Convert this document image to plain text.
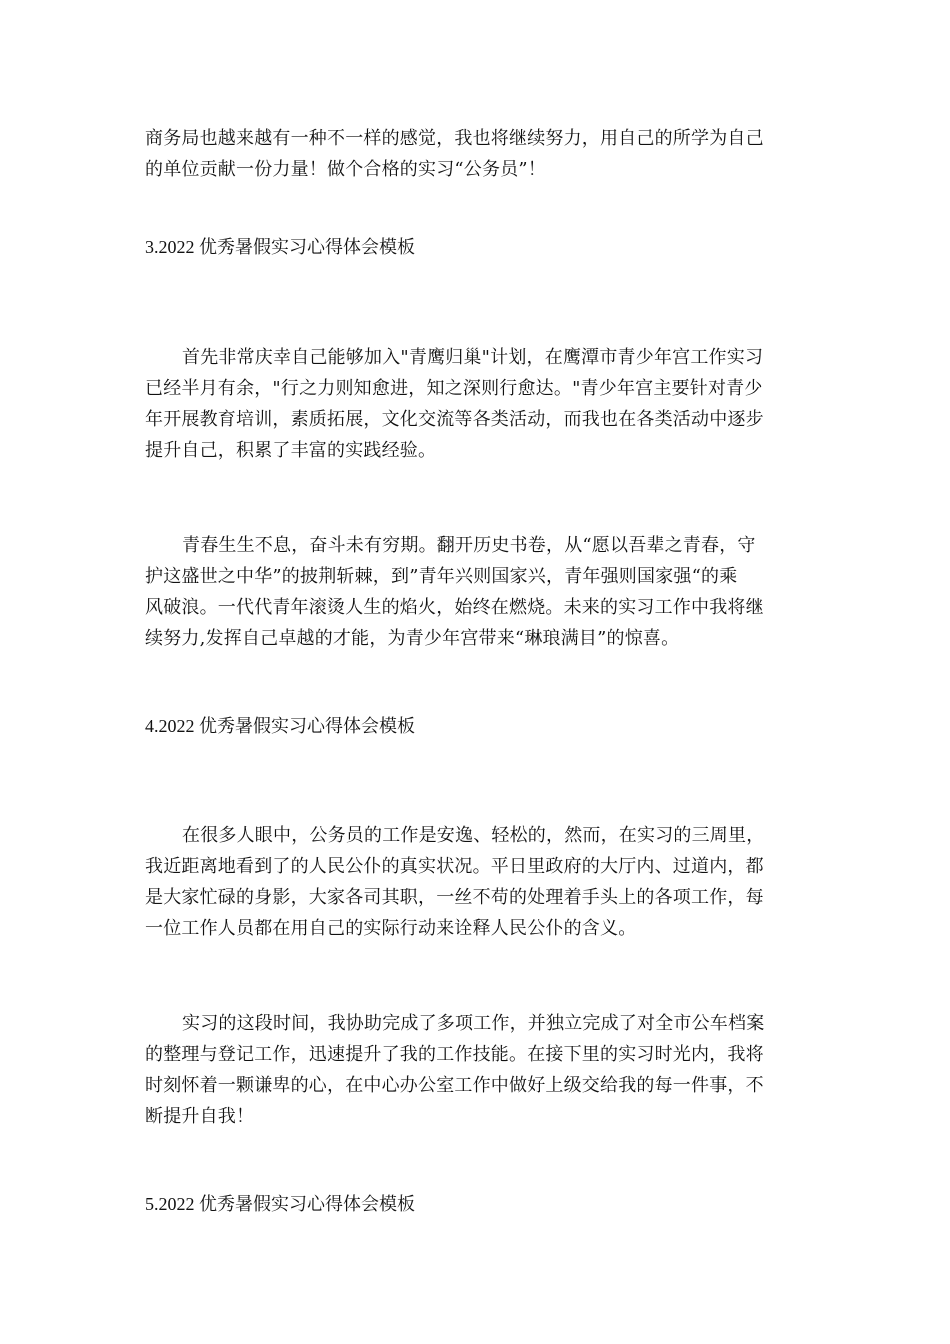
商务局也越来越有一种不一样的感觉，我也将继续努力，用自己的所学为自己
的单位贡献一份力量！做个合格的实习“公务员”！

3.2022 优秀暑假实习心得体会模板

首先非常庆幸自己能够加入"青鹰归巢"计划，在鹰潭市青少年宫工作实习
已经半月有余，"行之力则知愈进，知之深则行愈达。"青少年宫主要针对青少
年开展教育培训，素质拓展，文化交流等各类活动，而我也在各类活动中逐步
提升自己，积累了丰富的实践经验。

青春生生不息，奋斗未有穷期。翻开历史书卷，从“愿以吾辈之青春，守
护这盛世之中华”的披荆斩棘，到”青年兴则国家兴，青年强则国家强“的乘
风破浪。一代代青年滚烫人生的焰火，始终在燃烧。未来的实习工作中我将继
续努力,发挥自己卓越的才能，为青少年宫带来“琳琅满目”的惊喜。

4.2022 优秀暑假实习心得体会模板

在很多人眼中，公务员的工作是安逸、轻松的，然而，在实习的三周里，
我近距离地看到了的人民公仆的真实状况。平日里政府的大厅内、过道内，都
是大家忙碌的身影，大家各司其职，一丝不苟的处理着手头上的各项工作，每
一位工作人员都在用自己的实际行动来诠释人民公仆的含义。

实习的这段时间，我协助完成了多项工作，并独立完成了对全市公车档案
的整理与登记工作，迅速提升了我的工作技能。在接下里的实习时光内，我将
时刻怀着一颗谦卑的心，在中心办公室工作中做好上级交给我的每一件事，不
断提升自我！

5.2022 优秀暑假实习心得体会模板
